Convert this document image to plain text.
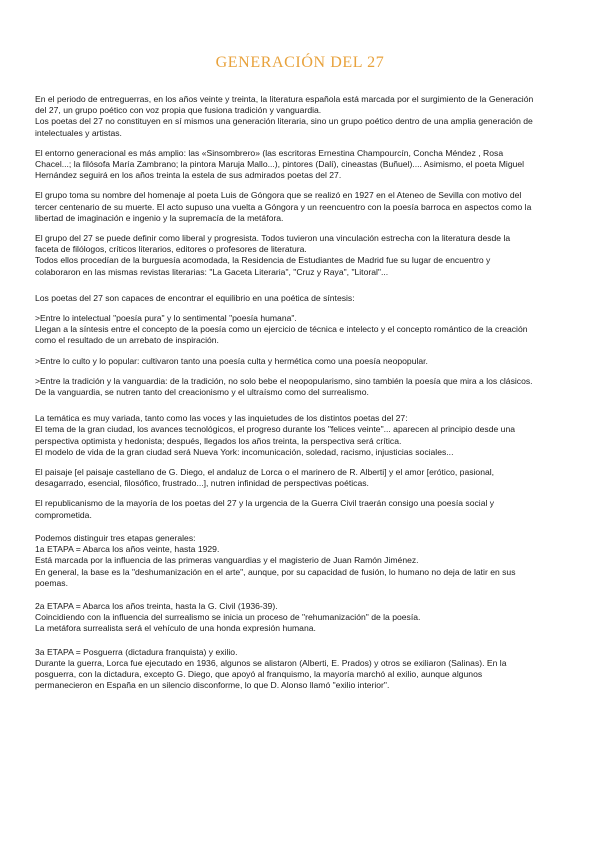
GENERACIÓN DEL 27

En el periodo de entreguerras, en los años veinte y treinta, la literatura española está marcada por el surgimiento de la Generación
del 27, un grupo poético con voz propia que fusiona tradición y vanguardia.
Los poetas del 27 no constituyen en sí mismos una generación literaria, sino un grupo poético dentro de una amplia generación de
intelectuales y artistas.

El entorno generacional es más amplio: las «Sinsombrero» (las escritoras Ernestina Champourcín, Concha Méndez , Rosa
Chacel...; la filósofa María Zambrano; la pintora Maruja Mallo...), pintores (Dalí), cineastas (Buñuel).... Asimismo, el poeta Miguel
Hernández seguirá en los años treinta la estela de sus admirados poetas del 27.

El grupo toma su nombre del homenaje al poeta Luis de Góngora que se realizó en 1927 en el Ateneo de Sevilla con motivo del
tercer centenario de su muerte. El acto supuso una vuelta a Góngora y un reencuentro con la poesía barroca en aspectos como la
libertad de imaginación e ingenio y la supremacía de la metáfora.

El grupo del 27 se puede definir como liberal y progresista. Todos tuvieron una vinculación estrecha con la literatura desde la
faceta de filólogos, críticos literarios, editores o profesores de literatura.
Todos ellos procedían de la burguesía acomodada, la Residencia de Estudiantes de Madrid fue su lugar de encuentro y
colaboraron en las mismas revistas literarias: "La Gaceta Literaria", "Cruz y Raya", "Litoral"...

Los poetas del 27 son capaces de encontrar el equilibrio en una poética de síntesis:

>Entre lo intelectual "poesía pura" y lo sentimental "poesía humana".
Llegan a la síntesis entre el concepto de la poesía como un ejercicio de técnica e intelecto y el concepto romántico de la creación
como el resultado de un arrebato de inspiración.

>Entre lo culto y lo popular: cultivaron tanto una poesía culta y hermética como una poesía neopopular.

>Entre la tradición y la vanguardia: de la tradición, no solo bebe el neopopularismo, sino también la poesía que mira a los clásicos.
De la vanguardia, se nutren tanto del creacionismo y el ultraísmo como del surrealismo.

La temática es muy variada, tanto como las voces y las inquietudes de los distintos poetas del 27:
El tema de la gran ciudad, los avances tecnológicos, el progreso durante los "felices veinte"... aparecen al principio desde una
perspectiva optimista y hedonista; después, llegados los años treinta, la perspectiva será crítica.
El modelo de vida de la gran ciudad será Nueva York: incomunicación, soledad, racismo, injusticias sociales...

El paisaje [el paisaje castellano de G. Diego, el andaluz de Lorca o el marinero de R. Alberti] y el amor [erótico, pasional,
desagarrado, esencial, filosófico, frustrado...], nutren infinidad de perspectivas poéticas.

El republicanismo de la mayoría de los poetas del 27 y la urgencia de la Guerra Civil traerán consigo una poesía social y
comprometida.

Podemos distinguir tres etapas generales:
1a ETAPA = Abarca los años veinte, hasta 1929.
Está marcada por la influencia de las primeras vanguardias y el magisterio de Juan Ramón Jiménez.
En general, la base es la "deshumanización en el arte", aunque, por su capacidad de fusión, lo humano no deja de latir en sus
poemas.

2a ETAPA = Abarca los años treinta, hasta la G. Civil (1936-39).
Coincidiendo con la influencia del surrealismo se inicia un proceso de "rehumanización" de la poesía.
La metáfora surrealista será el vehículo de una honda expresión humana.

3a ETAPA = Posguerra (dictadura franquista) y exilio.
Durante la guerra, Lorca fue ejecutado en 1936, algunos se alistaron (Alberti, E. Prados) y otros se exiliaron (Salinas). En la
posguerra, con la dictadura, excepto G. Diego, que apoyó al franquismo, la mayoría marchó al exilio, aunque algunos
permanecieron en España en un silencio disconforme, lo que D. Alonso llamó "exilio interior".
